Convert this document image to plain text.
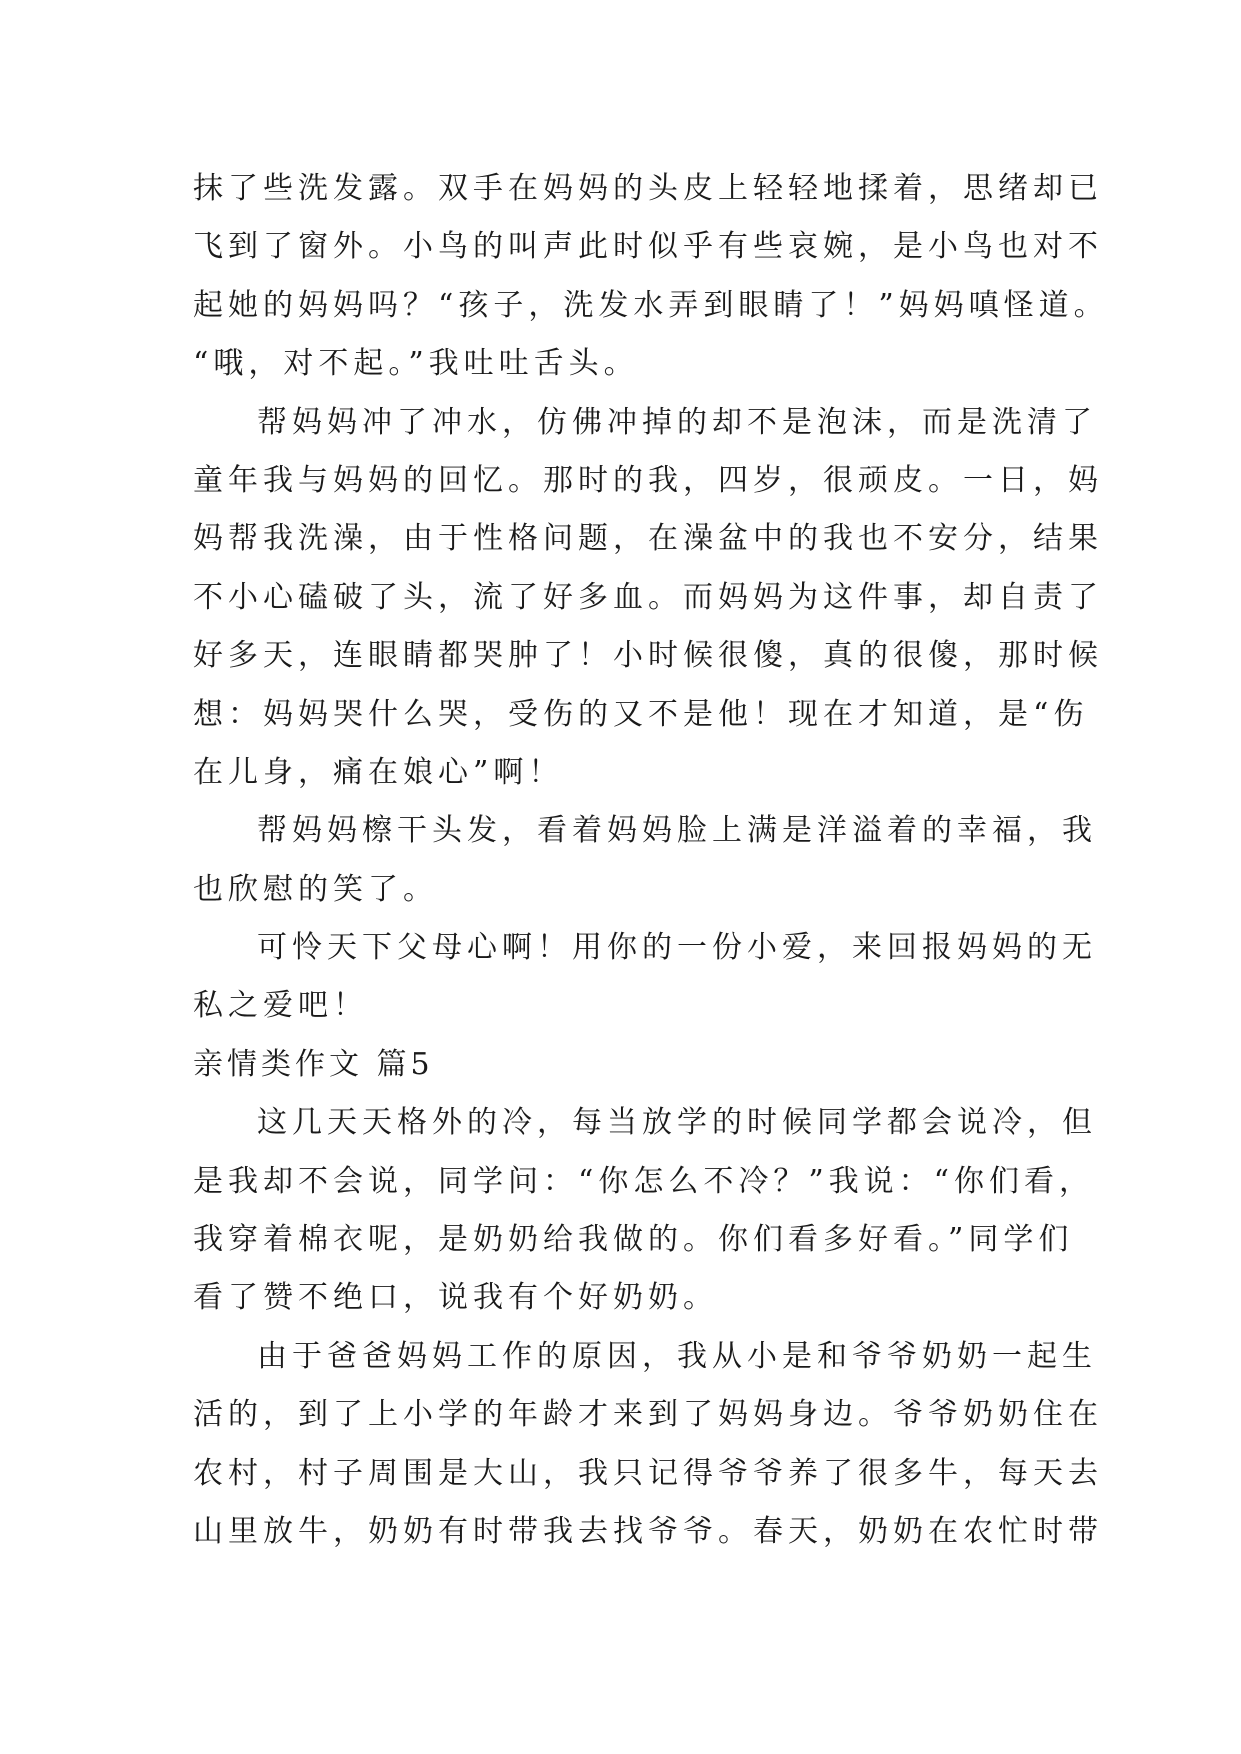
抹了些洗发露。双手在妈妈的头皮上轻轻地揉着，思绪却已
飞到了窗外。小鸟的叫声此时似乎有些哀婉，是小鸟也对不
起她的妈妈吗？“孩子，洗发水弄到眼睛了！”妈妈嗔怪道。
“哦，对不起。”我吐吐舌头。
帮妈妈冲了冲水，仿佛冲掉的却不是泡沫，而是洗清了
童年我与妈妈的回忆。那时的我，四岁，很顽皮。一日，妈
妈帮我洗澡，由于性格问题，在澡盆中的我也不安分，结果
不小心磕破了头，流了好多血。而妈妈为这件事，却自责了
好多天，连眼睛都哭肿了！小时候很傻，真的很傻，那时候
想：妈妈哭什么哭，受伤的又不是他！现在才知道，是“伤
在儿身，痛在娘心”啊！
帮妈妈檫干头发，看着妈妈脸上满是洋溢着的幸福，我
也欣慰的笑了。
可怜天下父母心啊！用你的一份小爱，来回报妈妈的无
私之爱吧！
亲情类作文 篇5
这几天天格外的冷，每当放学的时候同学都会说冷，但
是我却不会说，同学问：“你怎么不冷？”我说：“你们看，
我穿着棉衣呢，是奶奶给我做的。你们看多好看。”同学们
看了赞不绝口，说我有个好奶奶。
由于爸爸妈妈工作的原因，我从小是和爷爷奶奶一起生
活的，到了上小学的年龄才来到了妈妈身边。爷爷奶奶住在
农村，村子周围是大山，我只记得爷爷养了很多牛，每天去
山里放牛，奶奶有时带我去找爷爷。春天，奶奶在农忙时带
